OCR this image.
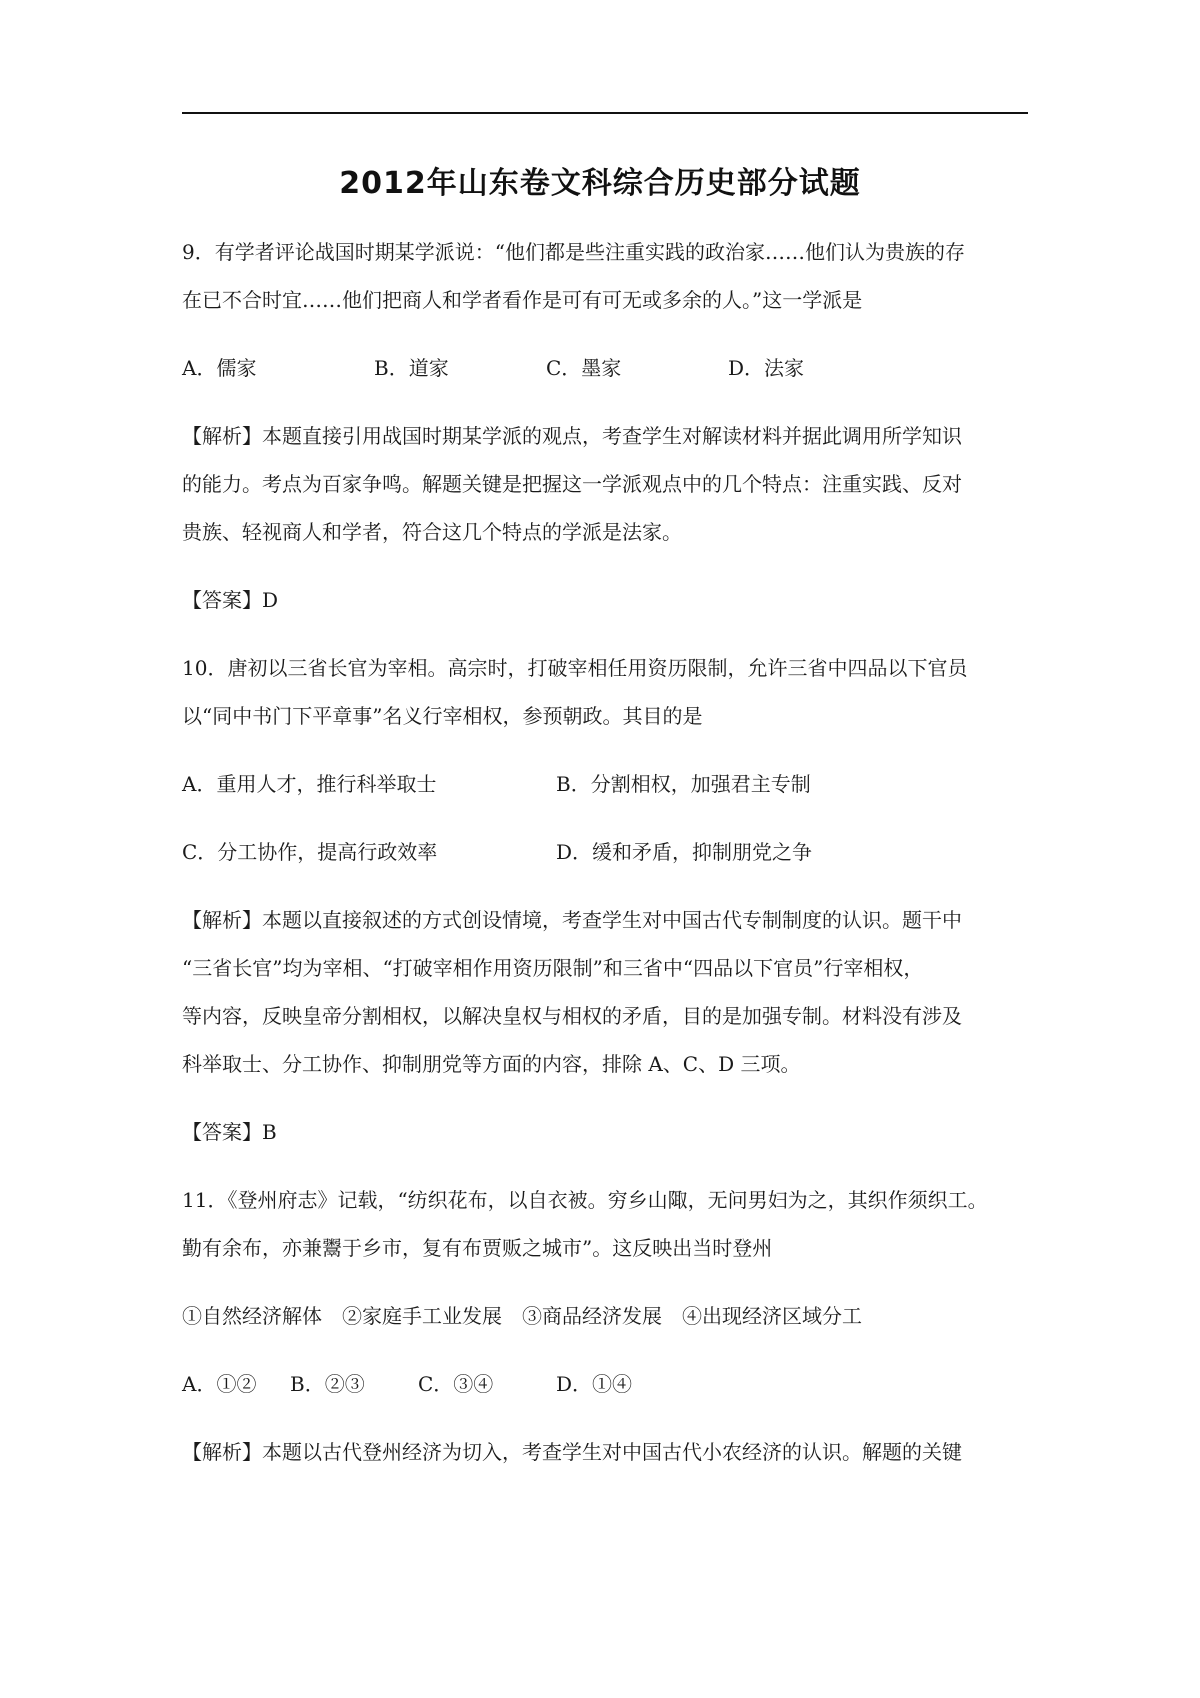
2012年山东卷文科综合历史部分试题
9．有学者评论战国时期某学派说：“他们都是些注重实践的政治家……他们认为贵族的存
在已不合时宜……他们把商人和学者看作是可有可无或多余的人。”这一学派是
A．儒家	B．道家	C．墨家	D．法家
【解析】本题直接引用战国时期某学派的观点，考查学生对解读材料并据此调用所学知识
的能力。考点为百家争鸣。解题关键是把握这一学派观点中的几个特点：注重实践、反对
贵族、轻视商人和学者，符合这几个特点的学派是法家。
【答案】D
10．唐初以三省长官为宰相。高宗时，打破宰相任用资历限制，允许三省中四品以下官员
以“同中书门下平章事”名义行宰相权，参预朝政。其目的是
A．重用人才，推行科举取士	B．分割相权，加强君主专制
C．分工协作，提高行政效率	D．缓和矛盾，抑制朋党之争
【解析】本题以直接叙述的方式创设情境，考查学生对中国古代专制制度的认识。题干中
“三省长官”均为宰相、“打破宰相作用资历限制”和三省中“四品以下官员”行宰相权，
等内容，反映皇帝分割相权，以解决皇权与相权的矛盾，目的是加强专制。材料没有涉及
科举取士、分工协作、抑制朋党等方面的内容，排除 A、C、D 三项。
【答案】B
11．《登州府志》记载，“纺织花布，以自衣被。穷乡山陬，无问男妇为之，其织作须织工。
勤有余布，亦兼鬻于乡市，复有布贾贩之城市”。这反映出当时登州
①自然经济解体　②家庭手工业发展　③商品经济发展　④出现经济区域分工
A．①② B．②③	C．③④	D．①④
【解析】本题以古代登州经济为切入，考查学生对中国古代小农经济的认识。解题的关键
